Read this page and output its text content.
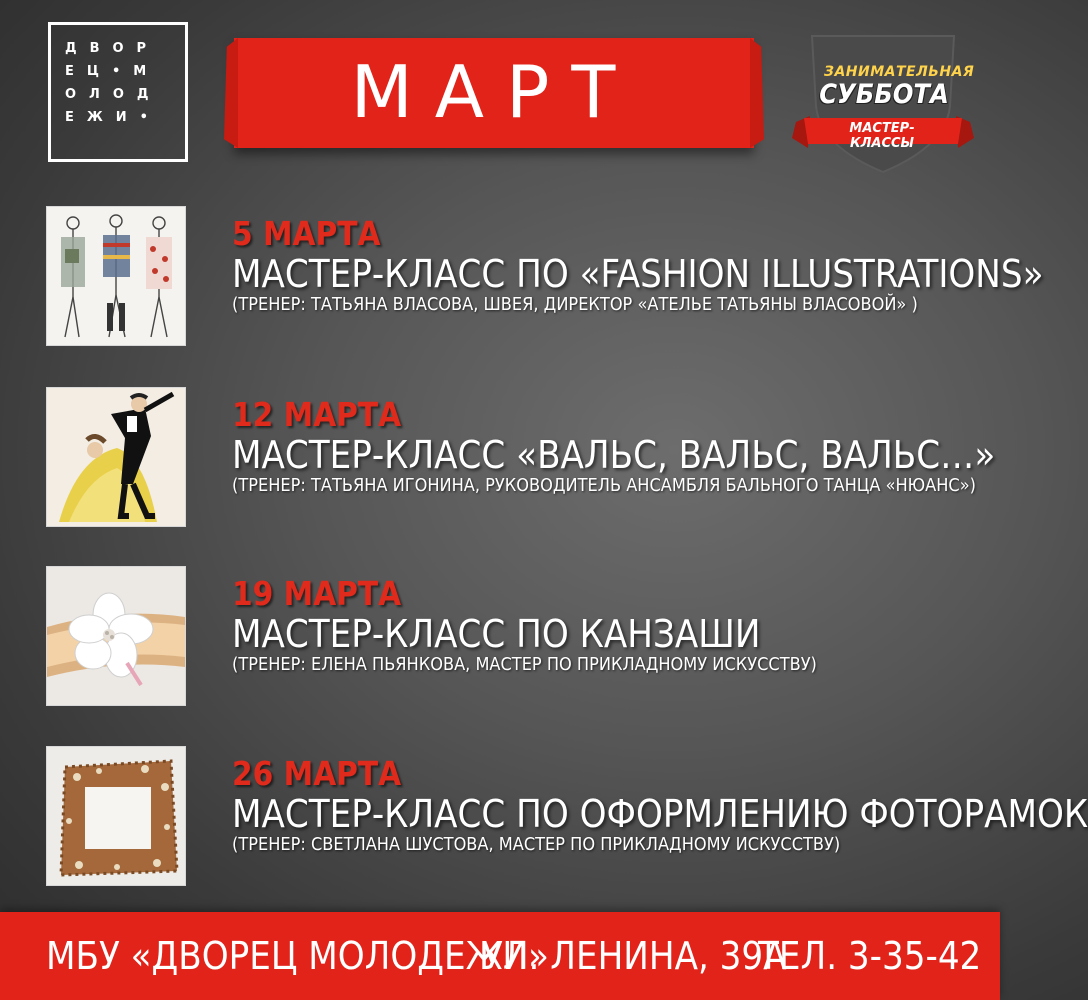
ДВОР
ЕЦ•М
ОЛОД
ЕЖИ•	МАРТ	ЗАНИМАТЕЛЬНАЯ
СУББОТА
МАСТЕР-КЛАССЫ
5 МАРТА
МАСТЕР-КЛАСС ПО «FASHION ILLUSTRATIONS»
(ТРЕНЕР: ТАТЬЯНА ВЛАСОВА, ШВЕЯ, ДИРЕКТОР «АТЕЛЬЕ ТАТЬЯНЫ ВЛАСОВОЙ» )
12 МАРТА
МАСТЕР-КЛАСС «ВАЛЬС, ВАЛЬС, ВАЛЬС…»
(ТРЕНЕР: ТАТЬЯНА ИГОНИНА, РУКОВОДИТЕЛЬ АНСАМБЛЯ БАЛЬНОГО ТАНЦА «НЮАНС»)
19 МАРТА
МАСТЕР-КЛАСС ПО КАНЗАШИ
(ТРЕНЕР: ЕЛЕНА ПЬЯНКОВА, МАСТЕР ПО ПРИКЛАДНОМУ ИСКУССТВУ)
26 МАРТА
МАСТЕР-КЛАСС ПО ОФОРМЛЕНИЮ ФОТОРАМОК
(ТРЕНЕР: СВЕТЛАНА ШУСТОВА, МАСТЕР ПО ПРИКЛАДНОМУ ИСКУССТВУ)
МБУ «ДВОРЕЦ МОЛОДЕЖИ»
УЛ. ЛЕНИНА, 39А
ТЕЛ. 3-35-42
